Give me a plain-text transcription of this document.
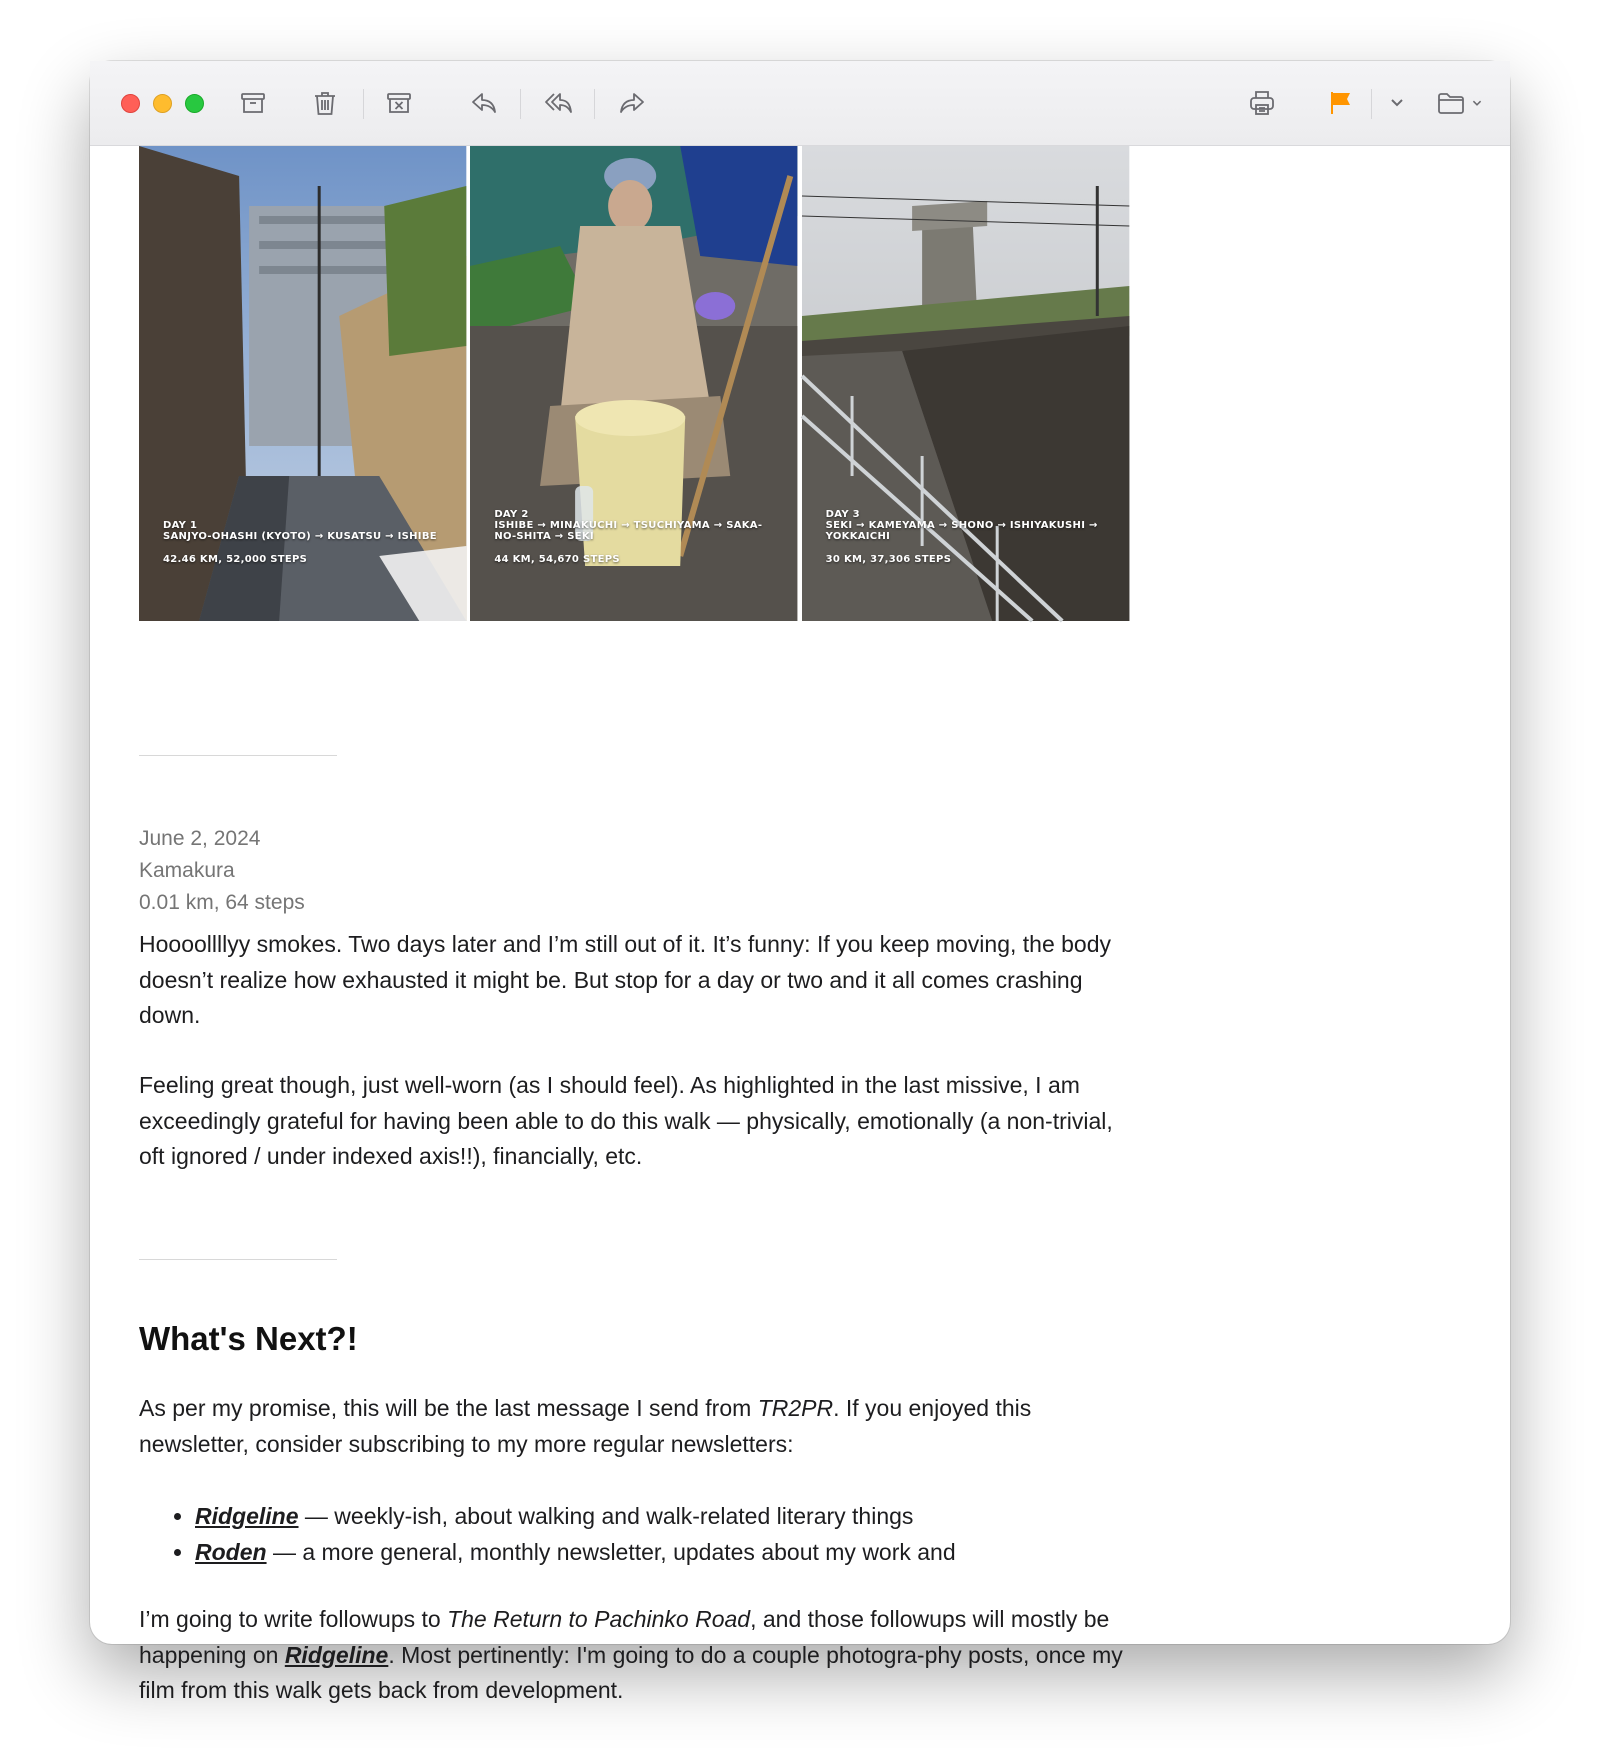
DAY 1
SANJYO-OHASHI (KYOTO) → KUSATSU → ISHIBE
42.46 KM, 52,000 STEPS
DAY 2
ISHIBE → MINAKUCHI → TSUCHIYAMA → SAKA-NO-SHITA → SEKI
44 KM, 54,670 STEPS
DAY 3
SEKI → KAMEYAMA → SHONO → ISHIYAKUSHI → YOKKAICHI
30 KM, 37,306 STEPS
June 2, 2024
Kamakura
0.01 km, 64 steps

Hoooollllyy smokes. Two days later and I’m still out of it. It’s funny: If you keep moving, the body doesn’t realize how exhausted it might be. But stop for a day or two and it all comes crashing down.

Feeling great though, just well-worn (as I should feel). As highlighted in the last missive, I am exceedingly grateful for having been able to do this walk — physically, emotionally (a non-trivial, oft ignored / under indexed axis!!), financially, etc.

What's Next?!

As per my promise, this will be the last message I send from TR2PR. If you enjoyed this newsletter, consider subscribing to my more regular newsletters:

• Ridgeline — weekly-ish, about walking and walk-related literary things
• Roden — a more general, monthly newsletter, updates about my work and

I’m going to write followups to The Return to Pachinko Road, and those followups will mostly be happening on Ridgeline. Most pertinently: I'm going to do a couple photogra-phy posts, once my film from this walk gets back from development.
